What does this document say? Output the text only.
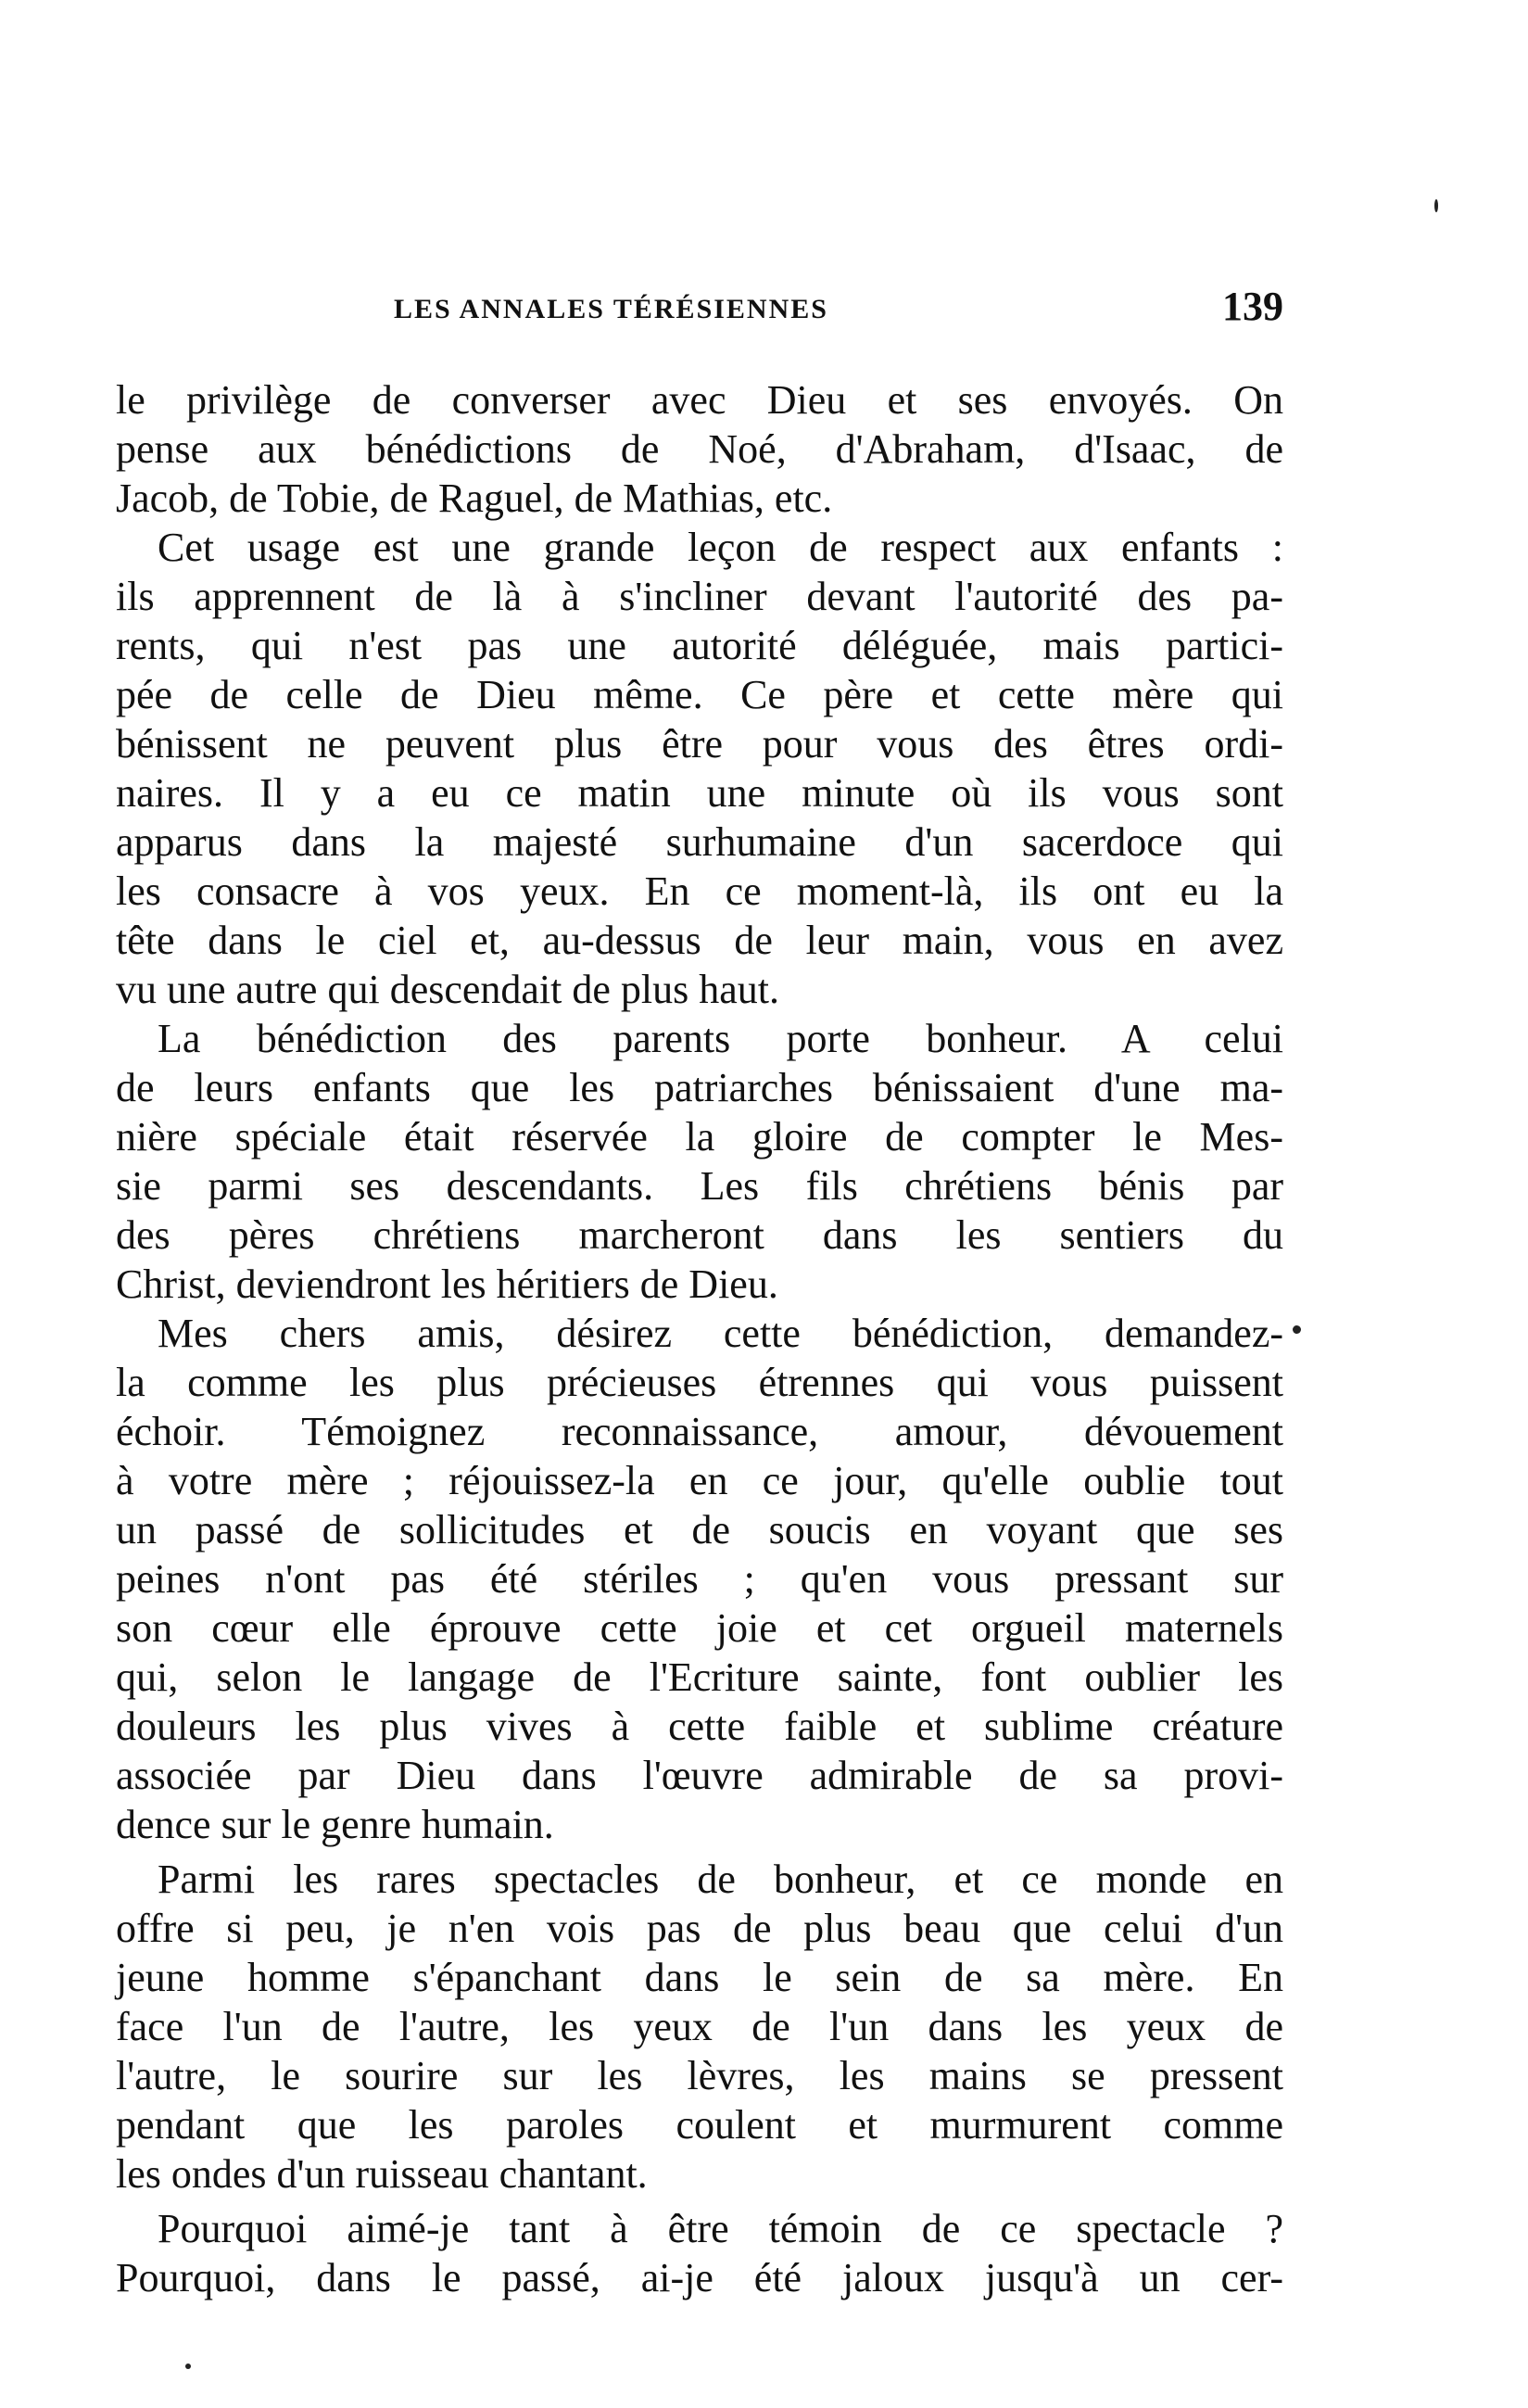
LES ANNALES TÉRÉSIENNES	139

le privilège de converser avec Dieu et ses envoyés. On
pense aux bénédictions de Noé, d'Abraham, d'Isaac, de
Jacob, de Tobie, de Raguel, de Mathias, etc.

Cet usage est une grande leçon de respect aux enfants :
ils apprennent de là à s'incliner devant l'autorité des pa-
rents, qui n'est pas une autorité déléguée, mais partici-
pée de celle de Dieu même. Ce père et cette mère qui
bénissent ne peuvent plus être pour vous des êtres ordi-
naires. Il y a eu ce matin une minute où ils vous sont
apparus dans la majesté surhumaine d'un sacerdoce qui
les consacre à vos yeux. En ce moment-là, ils ont eu la
tête dans le ciel et, au-dessus de leur main, vous en avez
vu une autre qui descendait de plus haut.

La bénédiction des parents porte bonheur. A celui
de leurs enfants que les patriarches bénissaient d'une ma-
nière spéciale était réservée la gloire de compter le Mes-
sie parmi ses descendants. Les fils chrétiens bénis par
des pères chrétiens marcheront dans les sentiers du
Christ, deviendront les héritiers de Dieu.

Mes chers amis, désirez cette bénédiction, demandez-
la comme les plus précieuses étrennes qui vous puissent
échoir. Témoignez reconnaissance, amour, dévouement
à votre mère ; réjouissez-la en ce jour, qu'elle oublie tout
un passé de sollicitudes et de soucis en voyant que ses
peines n'ont pas été stériles ; qu'en vous pressant sur
son cœur elle éprouve cette joie et cet orgueil maternels
qui, selon le langage de l'Ecriture sainte, font oublier les
douleurs les plus vives à cette faible et sublime créature
associée par Dieu dans l'œuvre admirable de sa provi-
dence sur le genre humain.

Parmi les rares spectacles de bonheur, et ce monde en
offre si peu, je n'en vois pas de plus beau que celui d'un
jeune homme s'épanchant dans le sein de sa mère. En
face l'un de l'autre, les yeux de l'un dans les yeux de
l'autre, le sourire sur les lèvres, les mains se pressent
pendant que les paroles coulent et murmurent comme
les ondes d'un ruisseau chantant.

Pourquoi aimé-je tant à être témoin de ce spectacle ?
Pourquoi, dans le passé, ai-je été jaloux jusqu'à un cer-
